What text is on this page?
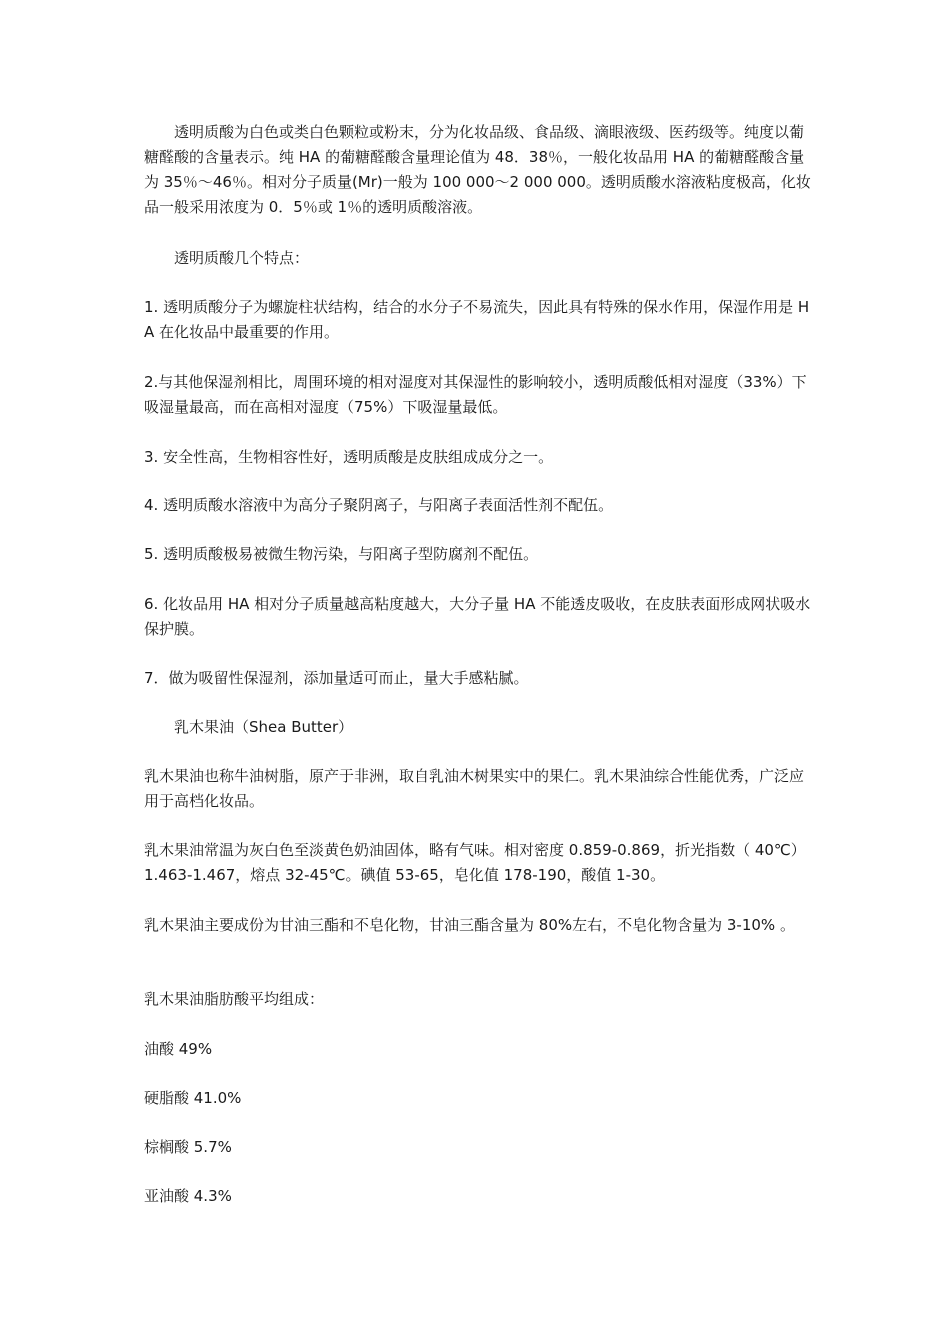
　　透明质酸为白色或类白色颗粒或粉末，分为化妆品级、食品级、滴眼液级、医药级等。纯度以葡糖醛酸的含量表示。纯 HA 的葡糖醛酸含量理论值为 48．38％，一般化妆品用 HA 的葡糖醛酸含量为 35％～46％。相对分子质量(Mr)一般为 100 000～2 000 000。透明质酸水溶液粘度极高，化妆品一般采用浓度为 0．5％或 1％的透明质酸溶液。

　　透明质酸几个特点：

1. 透明质酸分子为螺旋柱状结构，结合的水分子不易流失，因此具有特殊的保水作用，保湿作用是 HA 在化妆品中最重要的作用。

2.与其他保湿剂相比，周围环境的相对湿度对其保湿性的影响较小，透明质酸低相对湿度（33%）下吸湿量最高，而在高相对湿度（75%）下吸湿量最低。

3. 安全性高，生物相容性好，透明质酸是皮肤组成成分之一。

4. 透明质酸水溶液中为高分子聚阴离子，与阳离子表面活性剂不配伍。

5. 透明质酸极易被微生物污染，与阳离子型防腐剂不配伍。

6. 化妆品用 HA 相对分子质量越高粘度越大，大分子量 HA 不能透皮吸收，在皮肤表面形成网状吸水保护膜。

7．做为吸留性保湿剂，添加量适可而止，量大手感粘腻。

　　乳木果油（Shea Butter）

乳木果油也称牛油树脂，原产于非洲，取自乳油木树果实中的果仁。乳木果油综合性能优秀，广泛应用于高档化妆品。

乳木果油常温为灰白色至淡黄色奶油固体，略有气味。相对密度 0.859-0.869，折光指数（ 40℃）1.463-1.467，熔点 32-45℃。碘值 53-65，皂化值 178-190，酸值 1-30。

乳木果油主要成份为甘油三酯和不皂化物，甘油三酯含量为 80%左右，不皂化物含量为 3-10% 。

乳木果油脂肪酸平均组成：

油酸 49%

硬脂酸 41.0%

棕榈酸 5.7%

亚油酸 4.3%
